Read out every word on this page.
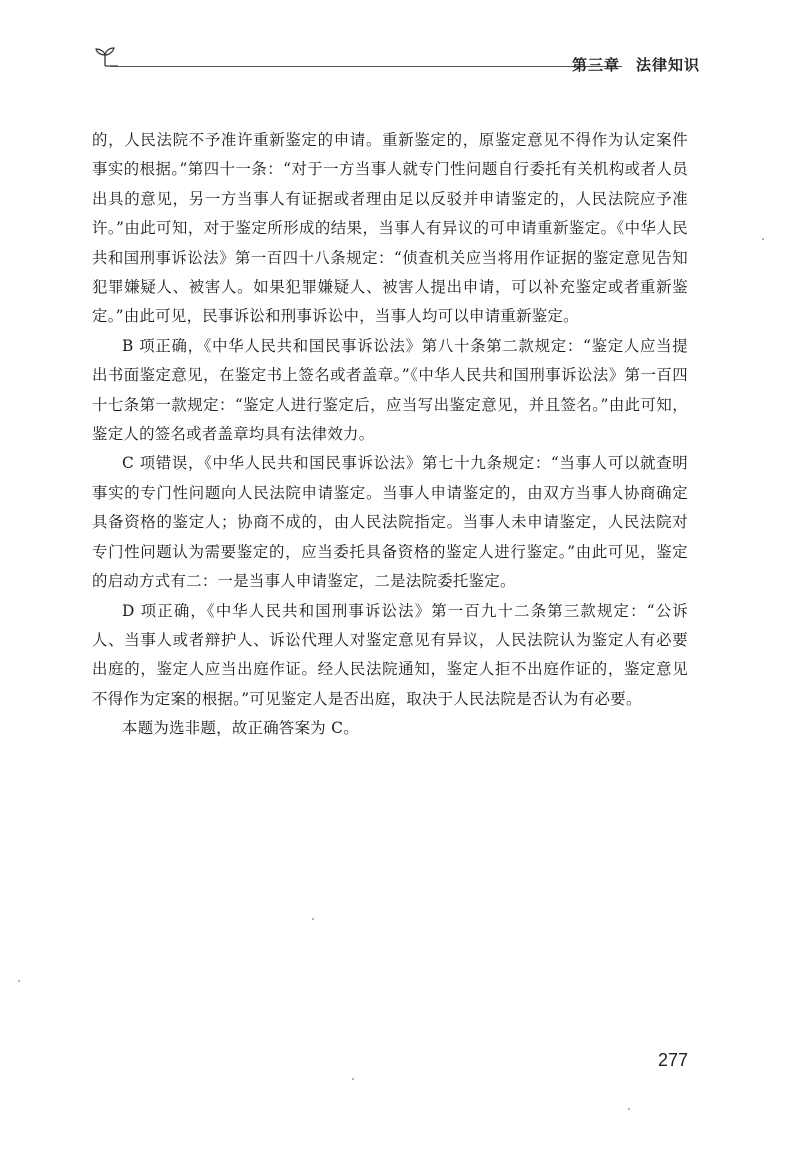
第三章 法律知识

的，人民法院不予准许重新鉴定的申请。重新鉴定的，原鉴定意见不得作为认定案件事实的根据。”第四十一条：“对于一方当事人就专门性问题自行委托有关机构或者人员出具的意见，另一方当事人有证据或者理由足以反驳并申请鉴定的，人民法院应予准许。”由此可知，对于鉴定所形成的结果，当事人有异议的可申请重新鉴定。《中华人民共和国刑事诉讼法》第一百四十八条规定：“侦查机关应当将用作证据的鉴定意见告知犯罪嫌疑人、被害人。如果犯罪嫌疑人、被害人提出申请，可以补充鉴定或者重新鉴定。”由此可见，民事诉讼和刑事诉讼中，当事人均可以申请重新鉴定。

B 项正确，《中华人民共和国民事诉讼法》第八十条第二款规定：“鉴定人应当提出书面鉴定意见，在鉴定书上签名或者盖章。”《中华人民共和国刑事诉讼法》第一百四十七条第一款规定：“鉴定人进行鉴定后，应当写出鉴定意见，并且签名。”由此可知，鉴定人的签名或者盖章均具有法律效力。

C 项错误，《中华人民共和国民事诉讼法》第七十九条规定：“当事人可以就查明事实的专门性问题向人民法院申请鉴定。当事人申请鉴定的，由双方当事人协商确定具备资格的鉴定人；协商不成的，由人民法院指定。当事人未申请鉴定，人民法院对专门性问题认为需要鉴定的，应当委托具备资格的鉴定人进行鉴定。”由此可见，鉴定的启动方式有二：一是当事人申请鉴定，二是法院委托鉴定。

D 项正确，《中华人民共和国刑事诉讼法》第一百九十二条第三款规定：“公诉人、当事人或者辩护人、诉讼代理人对鉴定意见有异议，人民法院认为鉴定人有必要出庭的，鉴定人应当出庭作证。经人民法院通知，鉴定人拒不出庭作证的，鉴定意见不得作为定案的根据。”可见鉴定人是否出庭，取决于人民法院是否认为有必要。

本题为选非题，故正确答案为 C。

277
